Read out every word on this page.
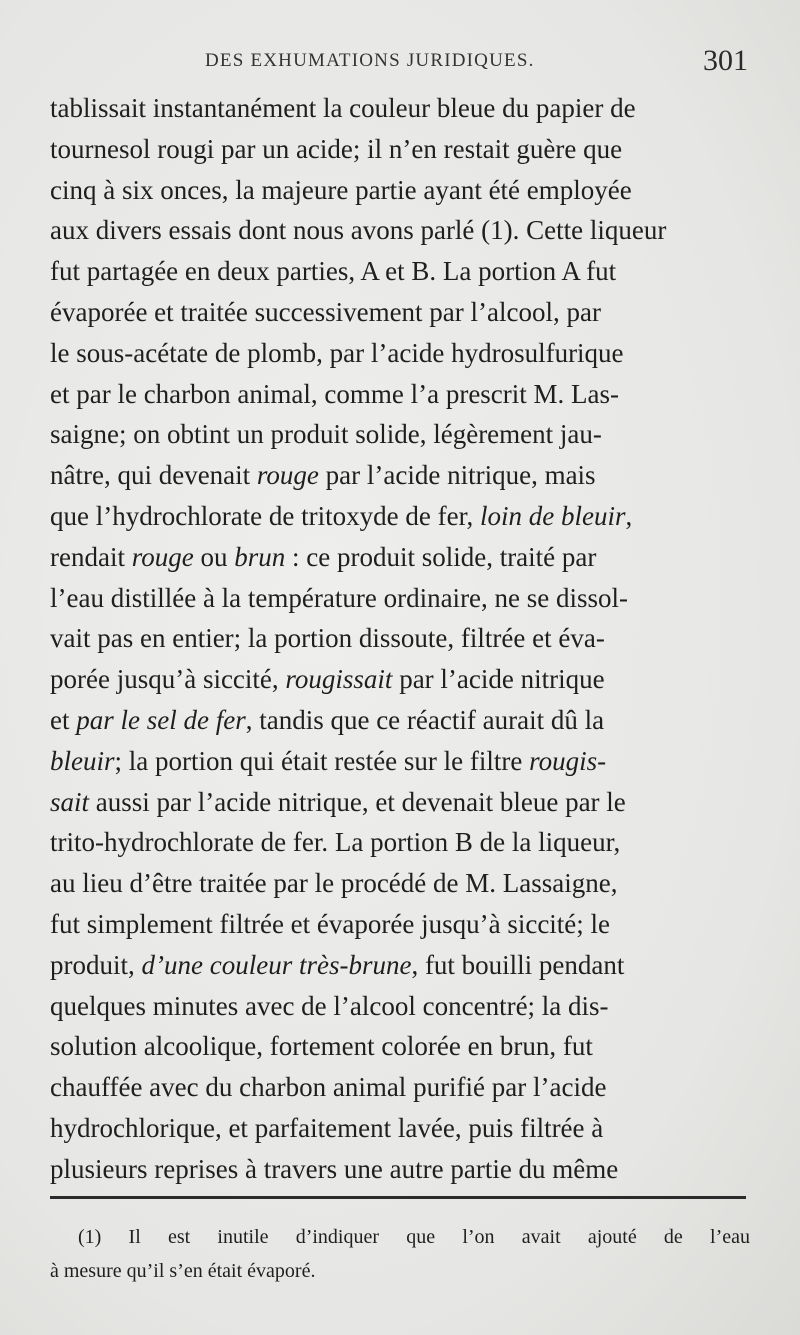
DES EXHUMATIONS JURIDIQUES.	301
tablissait instantanément la couleur bleue du papier de
tournesol rougi par un acide; il n’en restait guère que
cinq à six onces, la majeure partie ayant été employée
aux divers essais dont nous avons parlé (1). Cette liqueur
fut partagée en deux parties, A et B. La portion A fut
évaporée et traitée successivement par l’alcool, par
le sous-acétate de plomb, par l’acide hydrosulfurique
et par le charbon animal, comme l’a prescrit M. Las-
saigne; on obtint un produit solide, légèrement jau-
nâtre, qui devenait rouge par l’acide nitrique, mais
que l’hydrochlorate de tritoxyde de fer, loin de bleuir,
rendait rouge ou brun : ce produit solide, traité par
l’eau distillée à la température ordinaire, ne se dissol-
vait pas en entier; la portion dissoute, filtrée et éva-
porée jusqu’à siccité, rougissait par l’acide nitrique
et par le sel de fer, tandis que ce réactif aurait dû la
bleuir; la portion qui était restée sur le filtre rougis-
sait aussi par l’acide nitrique, et devenait bleue par le
trito-hydrochlorate de fer. La portion B de la liqueur,
au lieu d’être traitée par le procédé de M. Lassaigne,
fut simplement filtrée et évaporée jusqu’à siccité; le
produit, d’une couleur très-brune, fut bouilli pendant
quelques minutes avec de l’alcool concentré; la dis-
solution alcoolique, fortement colorée en brun, fut
chauffée avec du charbon animal purifié par l’acide
hydrochlorique, et parfaitement lavée, puis filtrée à
plusieurs reprises à travers une autre partie du même
(1) Il est inutile d’indiquer que l’on avait ajouté de l’eau
à mesure qu’il s’en était évaporé.
